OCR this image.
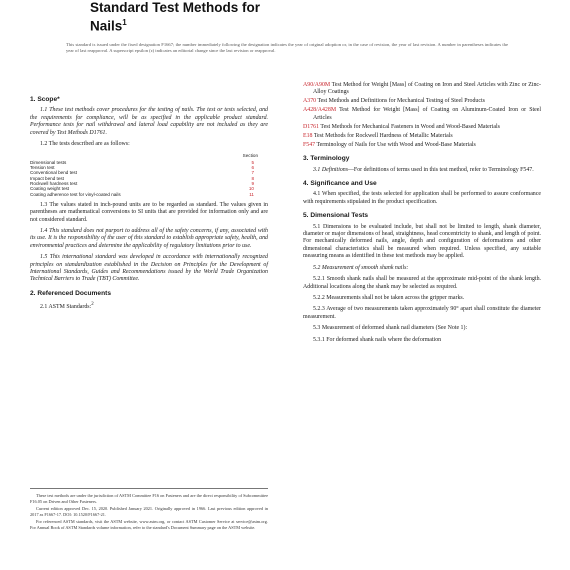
Standard Test Methods for
Nails$^1$
This standard is issued under the fixed designation F1667; the number immediately following the designation indicates the year of original adoption or, in the case of revision, the year of last revision. A number in parentheses indicates the year of last reapproval. A superscript epsilon (ε) indicates an editorial change since the last revision or reapproval.
1. Scope*

1.1 These test methods cover procedures for the testing of nails. The test or tests selected, and the requirements for compliance, will be as specified in the applicable product standard. Performance tests for nail withdrawal and lateral load capability are not included as they are covered by Test Methods D1761.

1.2 The tests described are as follows:

	Section
Dimensional tests	5
Tension test	6
Conventional bend test	7
Impact bend test	8
Rockwell hardness test	9
Coating weight test	10
Coating adherence test for vinyl-coated nails	11

1.3 The values stated in inch-pound units are to be regarded as standard. The values given in parentheses are mathematical conversions to SI units that are provided for information only and are not considered standard.

1.4 This standard does not purport to address all of the safety concerns, if any, associated with its use. It is the responsibility of the user of this standard to establish appropriate safety, health, and environmental practices and determine the applicability of regulatory limitations prior to use.

1.5 This international standard was developed in accordance with internationally recognized principles on standardization established in the Decision on Principles for the Development of International Standards, Guides and Recommendations issued by the World Trade Organization Technical Barriers to Trade (TBT) Committee.

2. Referenced Documents

2.1 ASTM Standards:$^2$

These test methods are under the jurisdiction of ASTM Committee F16 on Fasteners and are the direct responsibility of Subcommittee F16.05 on Driven and Other Fasteners.

Current edition approved Dec. 15, 2020. Published January 2021. Originally approved in 1966. Last previous edition approved in 2017 as F1667-17. DOI: 10.1520/F1667-21.

For referenced ASTM standards, visit the ASTM website, www.astm.org, or contact ASTM Customer Service at service@astm.org. For Annual Book of ASTM Standards volume information, refer to the standard's Document Summary page on the ASTM website.

A90/A90M Test Method for Weight [Mass] of Coating on Iron and Steel Articles with Zinc or Zinc-Alloy Coatings

A370 Test Methods and Definitions for Mechanical Testing of Steel Products

A428/A428M Test Method for Weight [Mass] of Coating on Aluminum-Coated Iron or Steel Articles

D1761 Test Methods for Mechanical Fasteners in Wood and Wood-Based Materials

E18 Test Methods for Rockwell Hardness of Metallic Materials

F547 Terminology of Nails for Use with Wood and Wood-Base Materials

3. Terminology

3.1 Definitions—For definitions of terms used in this test method, refer to Terminology F547.

4. Significance and Use

4.1 When specified, the tests selected for application shall be performed to assure conformance with requirements stipulated in the product specification.

5. Dimensional Tests

5.1 Dimensions to be evaluated include, but shall not be limited to length, shank diameter, diameter or major dimensions of head, straightness, head concentricity to shank, and length of point. For mechanically deformed nails, angle, depth and configuration of deformations and other dimensional characteristics shall be measured when required. Unless specified, any suitable measuring means as identified in these test methods may be applied.

5.2 Measurement of smooth shank nails:

5.2.1 Smooth shank nails shall be measured at the approximate mid-point of the shank length. Additional locations along the shank may be selected as required.

5.2.2 Measurements shall not be taken across the gripper marks.

5.2.3 Average of two measurements taken approximately 90° apart shall constitute the diameter measurement.

5.3 Measurement of deformed shank nail diameters (See Note 1):

5.3.1 For deformed shank nails where the deformation
